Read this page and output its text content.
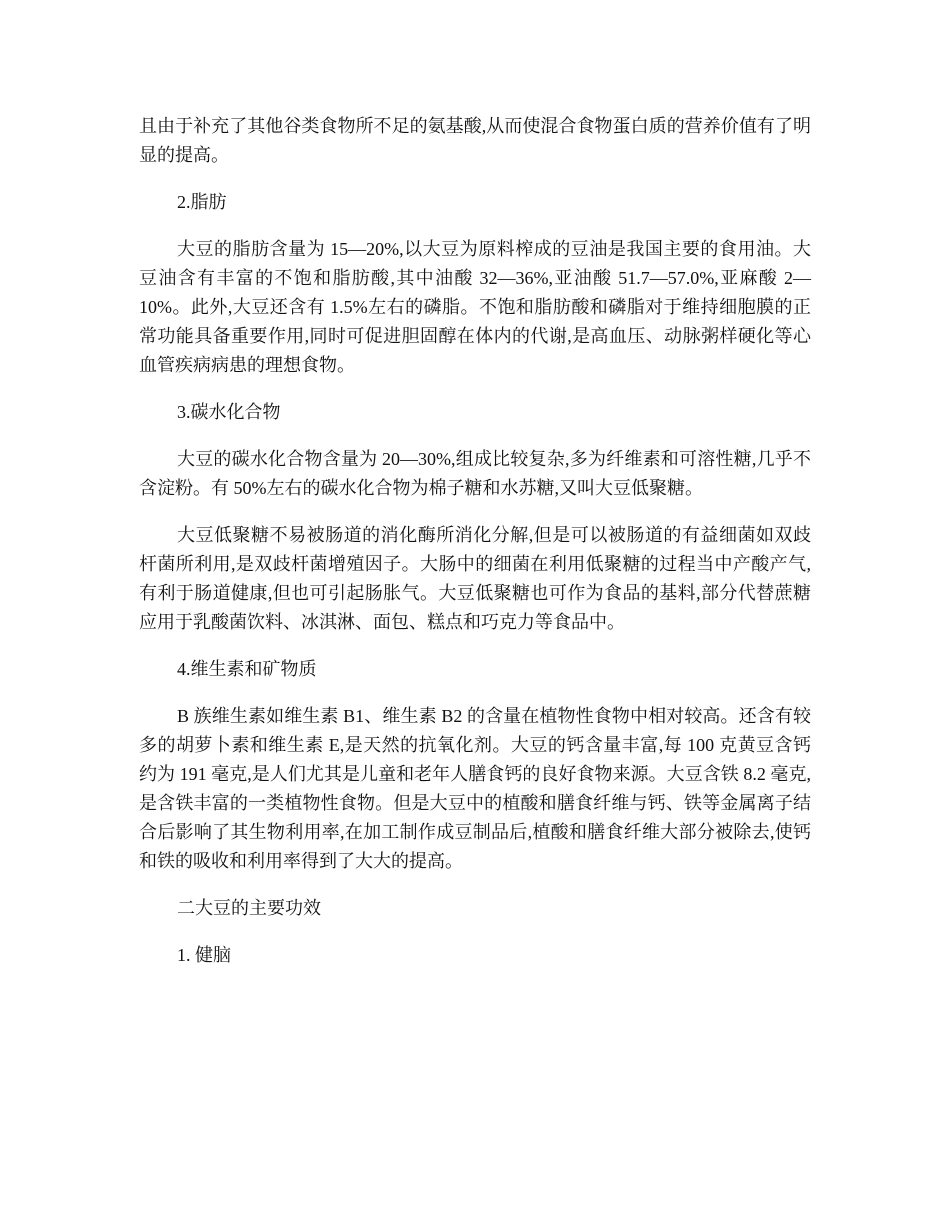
且由于补充了其他谷类食物所不足的氨基酸,从而使混合食物蛋白质的营养价值有了明显的提高。

2.脂肪

大豆的脂肪含量为 15—20%,以大豆为原料榨成的豆油是我国主要的食用油。大豆油含有丰富的不饱和脂肪酸,其中油酸 32—36%,亚油酸 51.7—57.0%,亚麻酸 2—10%。此外,大豆还含有 1.5%左右的磷脂。不饱和脂肪酸和磷脂对于维持细胞膜的正常功能具备重要作用,同时可促进胆固醇在体内的代谢,是高血压、动脉粥样硬化等心血管疾病病患的理想食物。

3.碳水化合物

大豆的碳水化合物含量为 20—30%,组成比较复杂,多为纤维素和可溶性糖,几乎不含淀粉。有 50%左右的碳水化合物为棉子糖和水苏糖,又叫大豆低聚糖。

大豆低聚糖不易被肠道的消化酶所消化分解,但是可以被肠道的有益细菌如双歧杆菌所利用,是双歧杆菌增殖因子。大肠中的细菌在利用低聚糖的过程当中产酸产气,有利于肠道健康,但也可引起肠胀气。大豆低聚糖也可作为食品的基料,部分代替蔗糖应用于乳酸菌饮料、冰淇淋、面包、糕点和巧克力等食品中。

4.维生素和矿物质

B 族维生素如维生素 B1、维生素 B2 的含量在植物性食物中相对较高。还含有较多的胡萝卜素和维生素 E,是天然的抗氧化剂。大豆的钙含量丰富,每 100 克黄豆含钙约为 191 毫克,是人们尤其是儿童和老年人膳食钙的良好食物来源。大豆含铁 8.2 毫克,是含铁丰富的一类植物性食物。但是大豆中的植酸和膳食纤维与钙、铁等金属离子结合后影响了其生物利用率,在加工制作成豆制品后,植酸和膳食纤维大部分被除去,使钙和铁的吸收和利用率得到了大大的提高。

二大豆的主要功效

1. 健脑
